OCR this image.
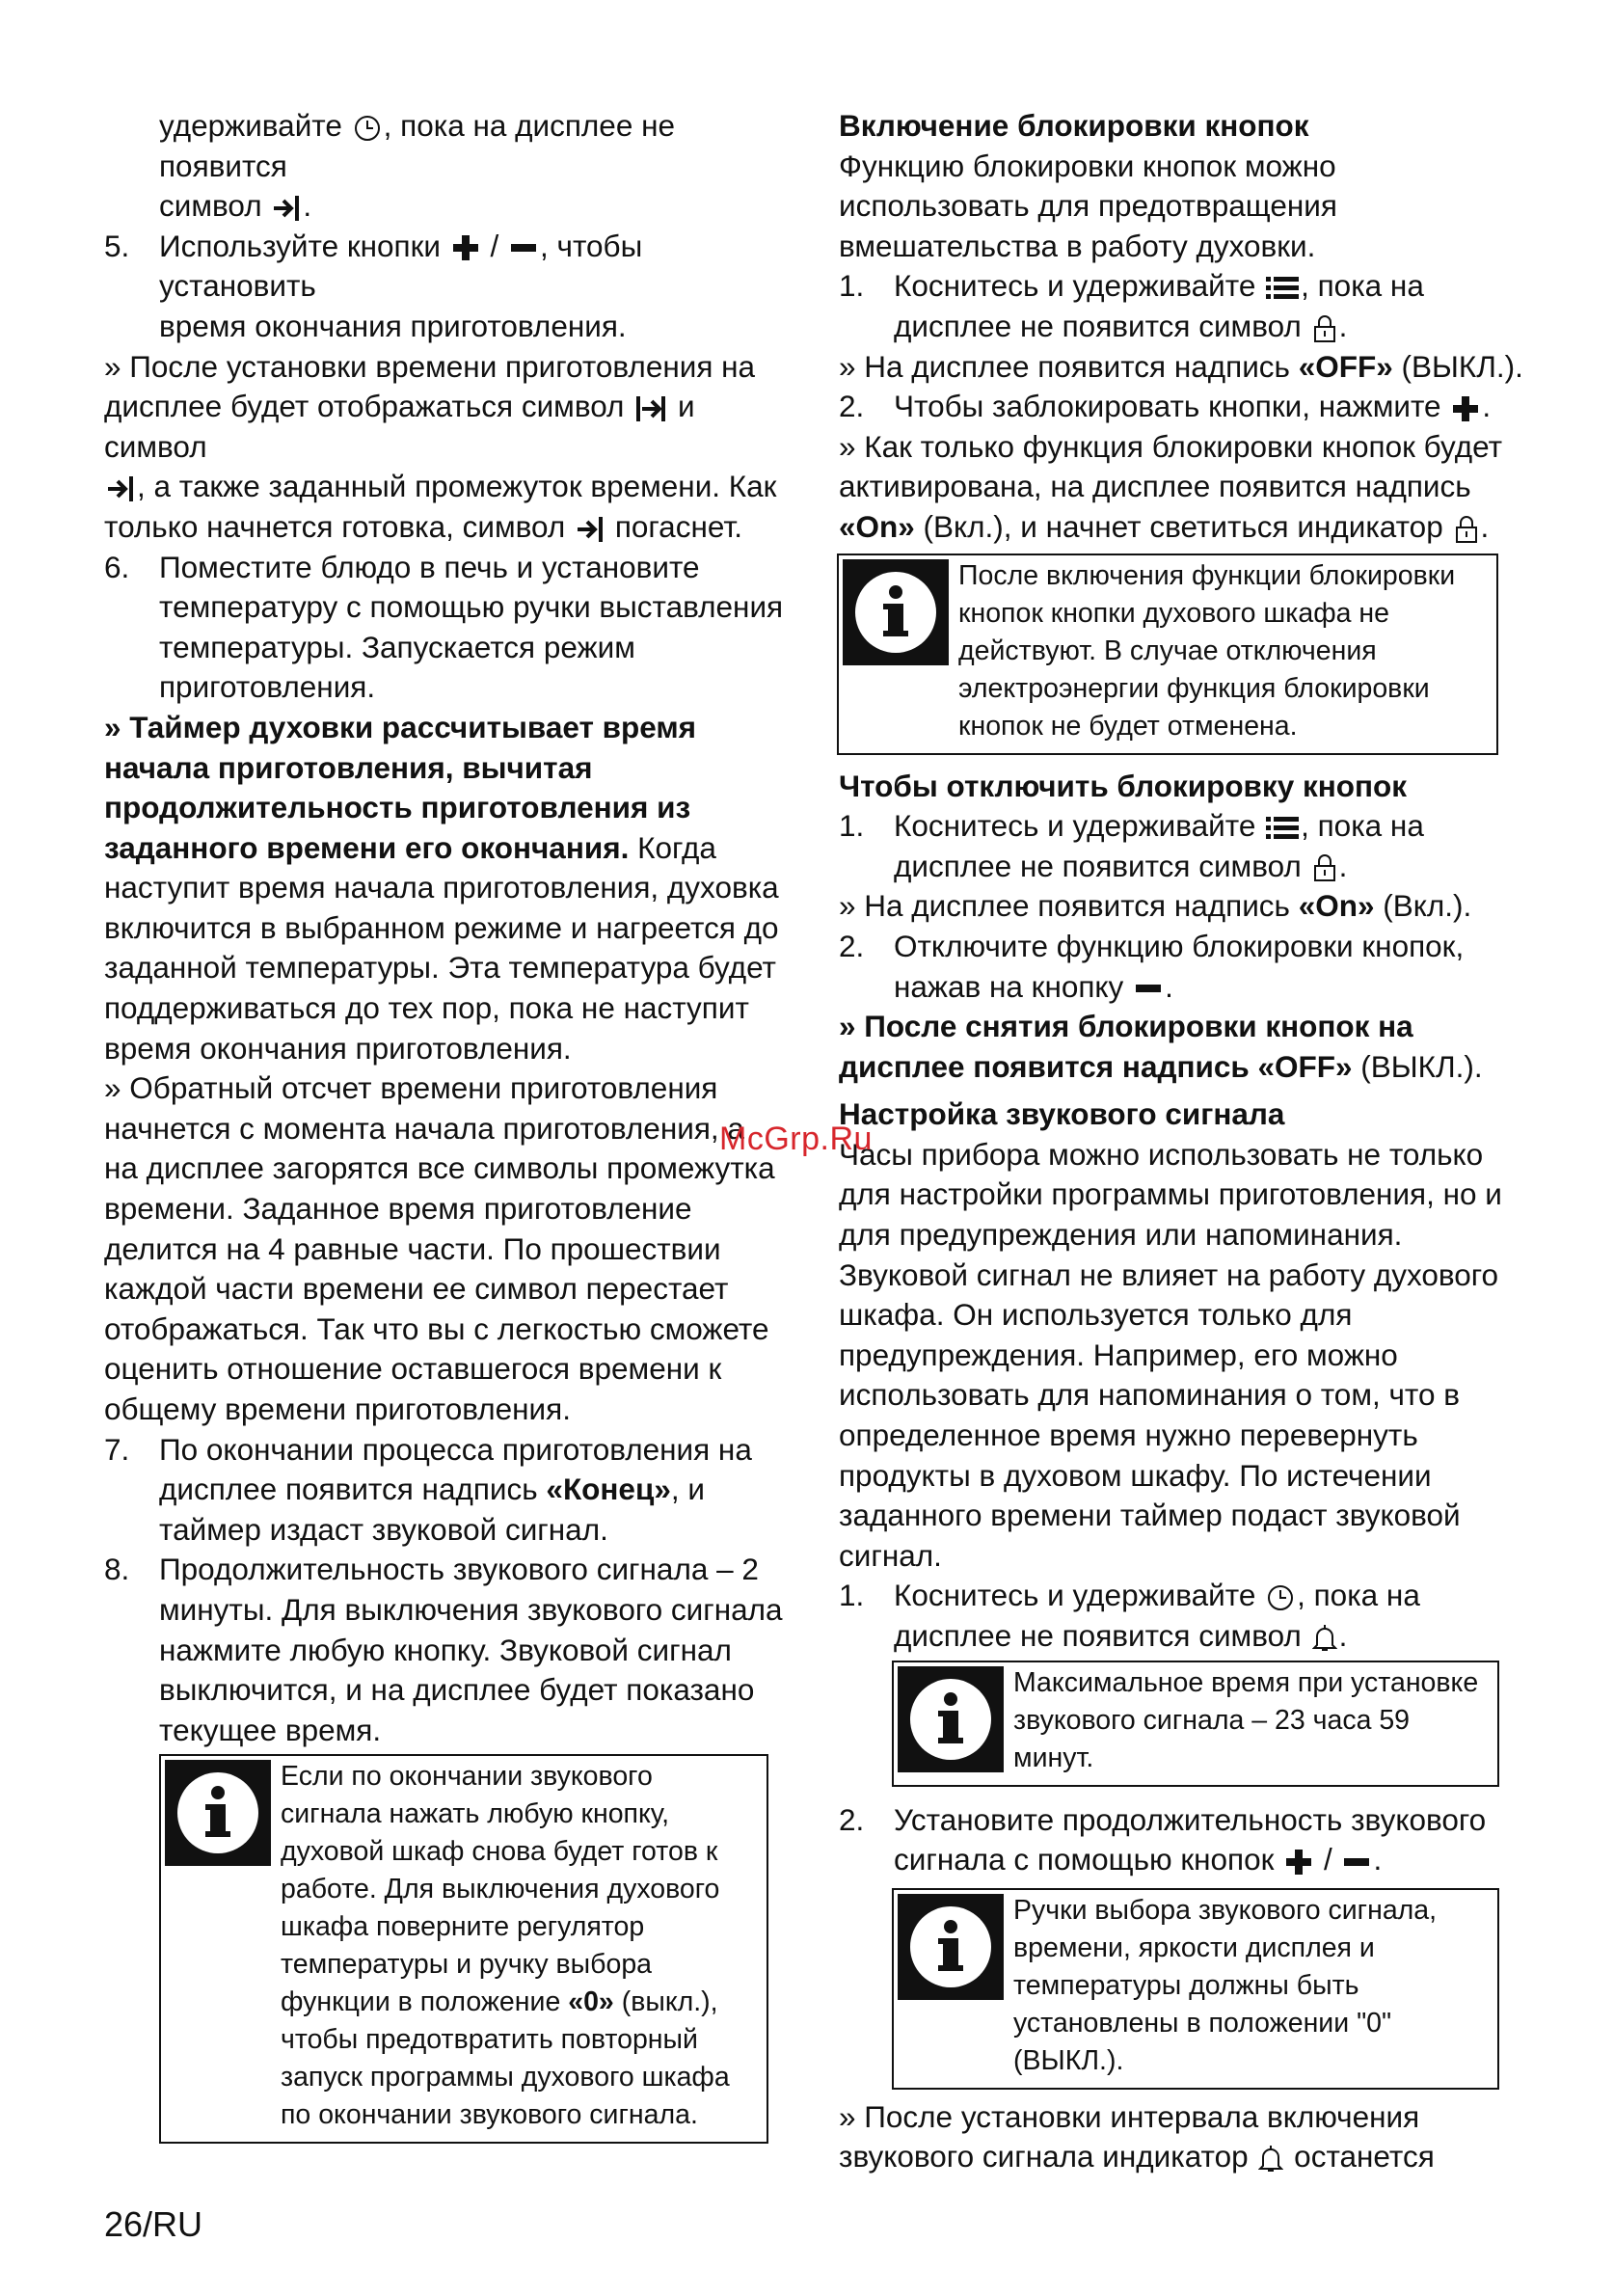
удерживайте , пока на дисплее не появится
символ .

5. Используйте кнопки / , чтобы установить
время окончания приготовления.

» После установки времени приготовления на
дисплее будет отображаться символ и символ
, а также заданный промежуток времени. Как
только начнется готовка, символ погаснет.

6. Поместите блюдо в печь и установите температуру с помощью ручки выставления температуры. Запускается режим приготовления.

» Таймер духовки рассчитывает время начала приготовления, вычитая продолжительность приготовления из заданного времени его окончания. Когда наступит время начала приготовления, духовка включится в выбранном режиме и нагреется до заданной температуры. Эта температура будет поддерживаться до тех пор, пока не наступит время окончания приготовления.

» Обратный отсчет времени приготовления начнется с момента начала приготовления, а на дисплее загорятся все символы промежутка времени. Заданное время приготовление делится на 4 равные части. По прошествии каждой части времени ее символ перестает отображаться. Так что вы с легкостью сможете оценить отношение оставшегося времени к общему времени приготовления.

7. По окончании процесса приготовления на дисплее появится надпись «Конец», и таймер издаст звуковой сигнал.
8. Продолжительность звукового сигнала – 2 минуты. Для выключения звукового сигнала нажмите любую кнопку. Звуковой сигнал выключится, и на дисплее будет показано текущее время.
Если по окончании звукового сигнала нажать любую кнопку, духовой шкаф снова будет готов к работе. Для выключения духового шкафа поверните регулятор температуры и ручку выбора функции в положение «0» (выкл.), чтобы предотвратить повторный запуск программы духового шкафа по окончании звукового сигнала.

Включение блокировки кнопок

Функцию блокировки кнопок можно использовать для предотвращения вмешательства в работу духовки.

1. Коснитесь и удерживайте , пока на дисплее не появится символ .

» На дисплее появится надпись «OFF» (ВЫКЛ.).

2. Чтобы заблокировать кнопки, нажмите .

» Как только функция блокировки кнопок будет активирована, на дисплее появится надпись «On» (Вкл.), и начнет светиться индикатор .

После включения функции блокировки кнопок кнопки духового шкафа не действуют. В случае отключения электроэнергии функция блокировки кнопок не будет отменена.

Чтобы отключить блокировку кнопок

1. Коснитесь и удерживайте , пока на дисплее не появится символ .

» На дисплее появится надпись «On» (Вкл.).

2. Отключите функцию блокировки кнопок, нажав на кнопку .

» После снятия блокировки кнопок на дисплее появится надпись «OFF» (ВЫКЛ.).

Настройка звукового сигнала

Часы прибора можно использовать не только для настройки программы приготовления, но и для предупреждения или напоминания.

Звуковой сигнал не влияет на работу духового шкафа. Он используется только для предупреждения. Например, его можно использовать для напоминания о том, что в определенное время нужно перевернуть продукты в духовом шкафу. По истечении заданного времени таймер подаст звуковой сигнал.

1. Коснитесь и удерживайте , пока на дисплее не появится символ .
Максимальное время при установке звукового сигнала – 23 часа 59 минут.
2. Установите продолжительность звукового сигнала с помощью кнопок / .
Ручки выбора звукового сигнала, времени, яркости дисплея и температуры должны быть установлены в положении "0" (ВЫКЛ.).

» После установки интервала включения звукового сигнала индикатор останется

McGrp.Ru
26/RU
